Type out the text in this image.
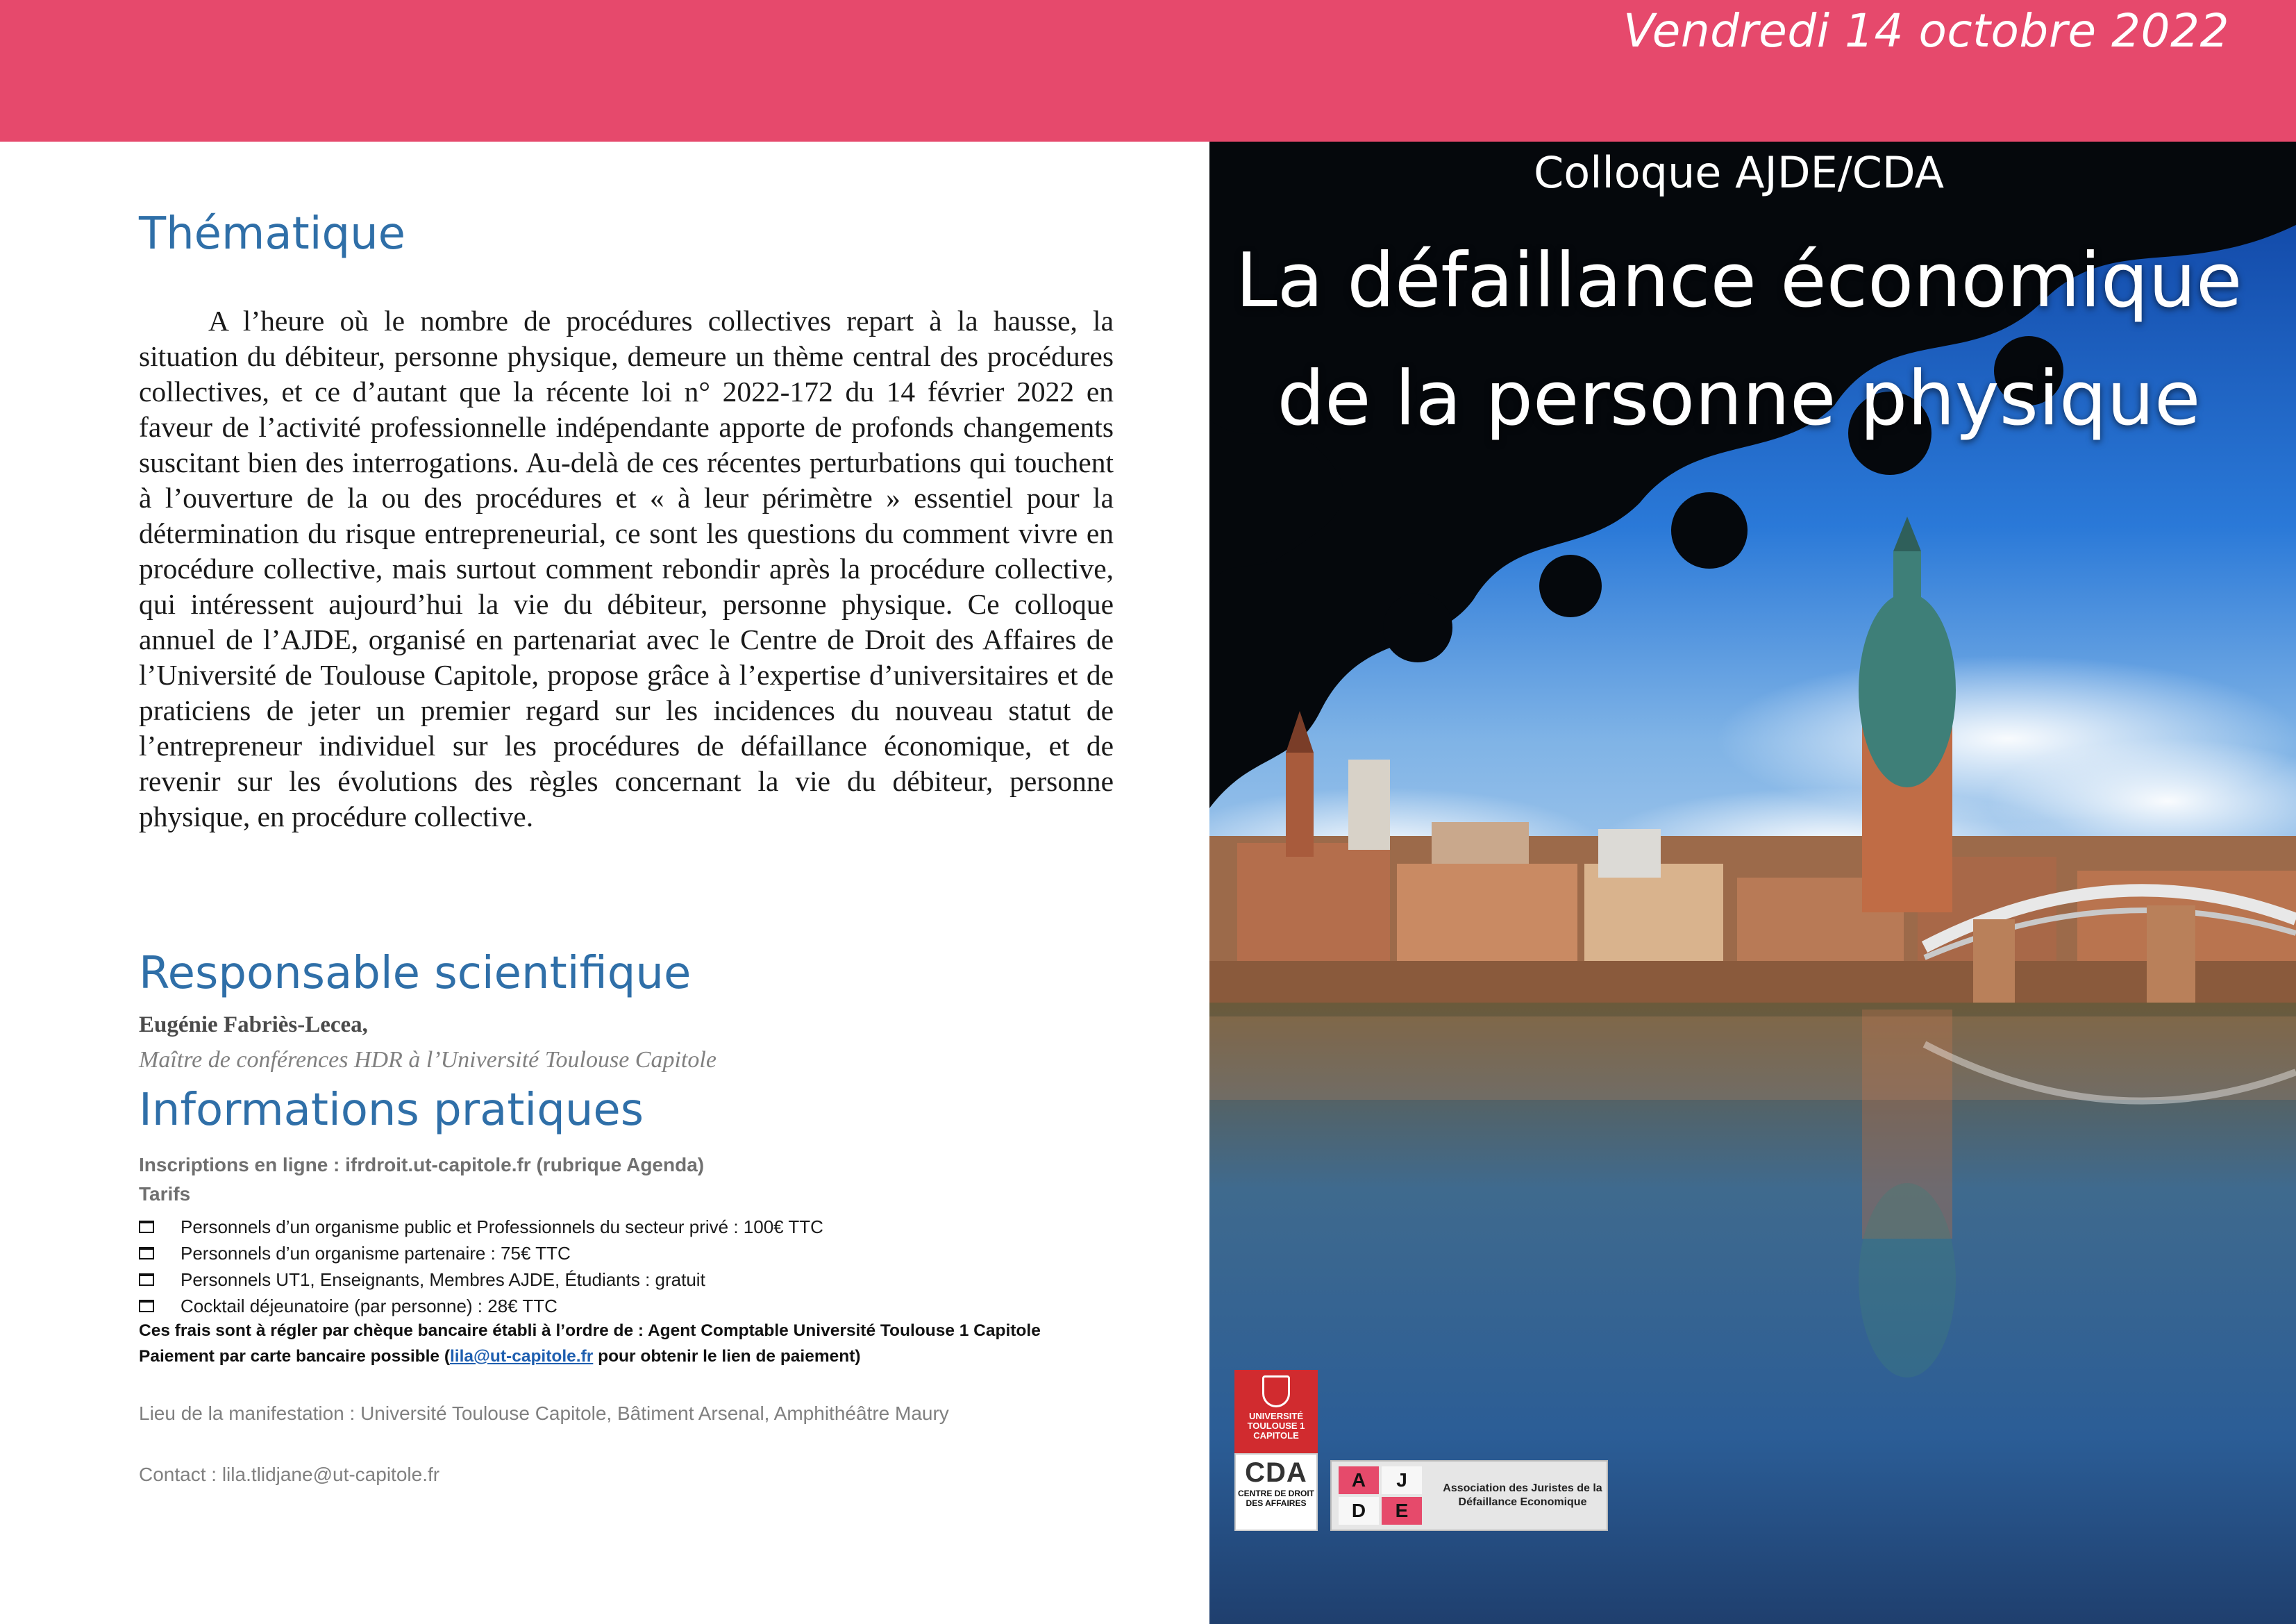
Vendredi 14 octobre 2022
Thématique

A l’heure où le nombre de procédures collectives repart à la hausse, la situation du débiteur, personne physique, demeure un thème central des procédures collectives, et ce d’autant que la récente loi n° 2022-172 du 14 février 2022 en faveur de l’activité professionnelle indépendante apporte de profonds changements suscitant bien des interrogations. Au-delà de ces récentes perturbations qui touchent à l’ouverture de la ou des procédures et « à leur périmètre » essentiel pour la détermination du risque entrepreneurial, ce sont les questions du comment vivre en procédure collective, mais surtout comment rebondir après la procédure collective, qui intéressent aujourd’hui la vie du débiteur, personne physique. Ce colloque annuel de l’AJDE, organisé en partenariat avec le Centre de Droit des Affaires de l’Université de Toulouse Capitole, propose grâce à l’expertise d’universitaires et de praticiens de jeter un premier regard sur les incidences du nouveau statut de l’entrepreneur individuel sur les procédures de défaillance économique, et de revenir sur les évolutions des règles concernant la vie du débiteur, personne physique, en procédure collective.

Responsable scientifique
Eugénie Fabriès-Lecea,
Maître de conférences HDR à l’Université Toulouse Capitole
Informations pratiques
Inscriptions en ligne : ifrdroit.ut-capitole.fr (rubrique Agenda)
Tarifs
Personnels d’un organisme public et Professionnels du secteur privé : 100€ TTC
Personnels d’un organisme partenaire : 75€ TTC
Personnels UT1, Enseignants, Membres AJDE, Étudiants : gratuit
Cocktail déjeunatoire (par personne) : 28€ TTC
Ces frais sont à régler par chèque bancaire établi à l’ordre de : Agent Comptable Université Toulouse 1 Capitole
Paiement par carte bancaire possible (lila@ut-capitole.fr pour obtenir le lien de paiement)
Lieu de la manifestation : Université Toulouse Capitole, Bâtiment Arsenal, Amphithéâtre Maury
Contact : lila.tlidjane@ut-capitole.fr
Colloque AJDE/CDA
La défaillance économique
de la personne physique
UNIVERSITÉ TOULOUSE 1 CAPITOLE
CDA
CENTRE DE DROIT DES AFFAIRES
A	J
D	E
Association des Juristes de la Défaillance Economique
